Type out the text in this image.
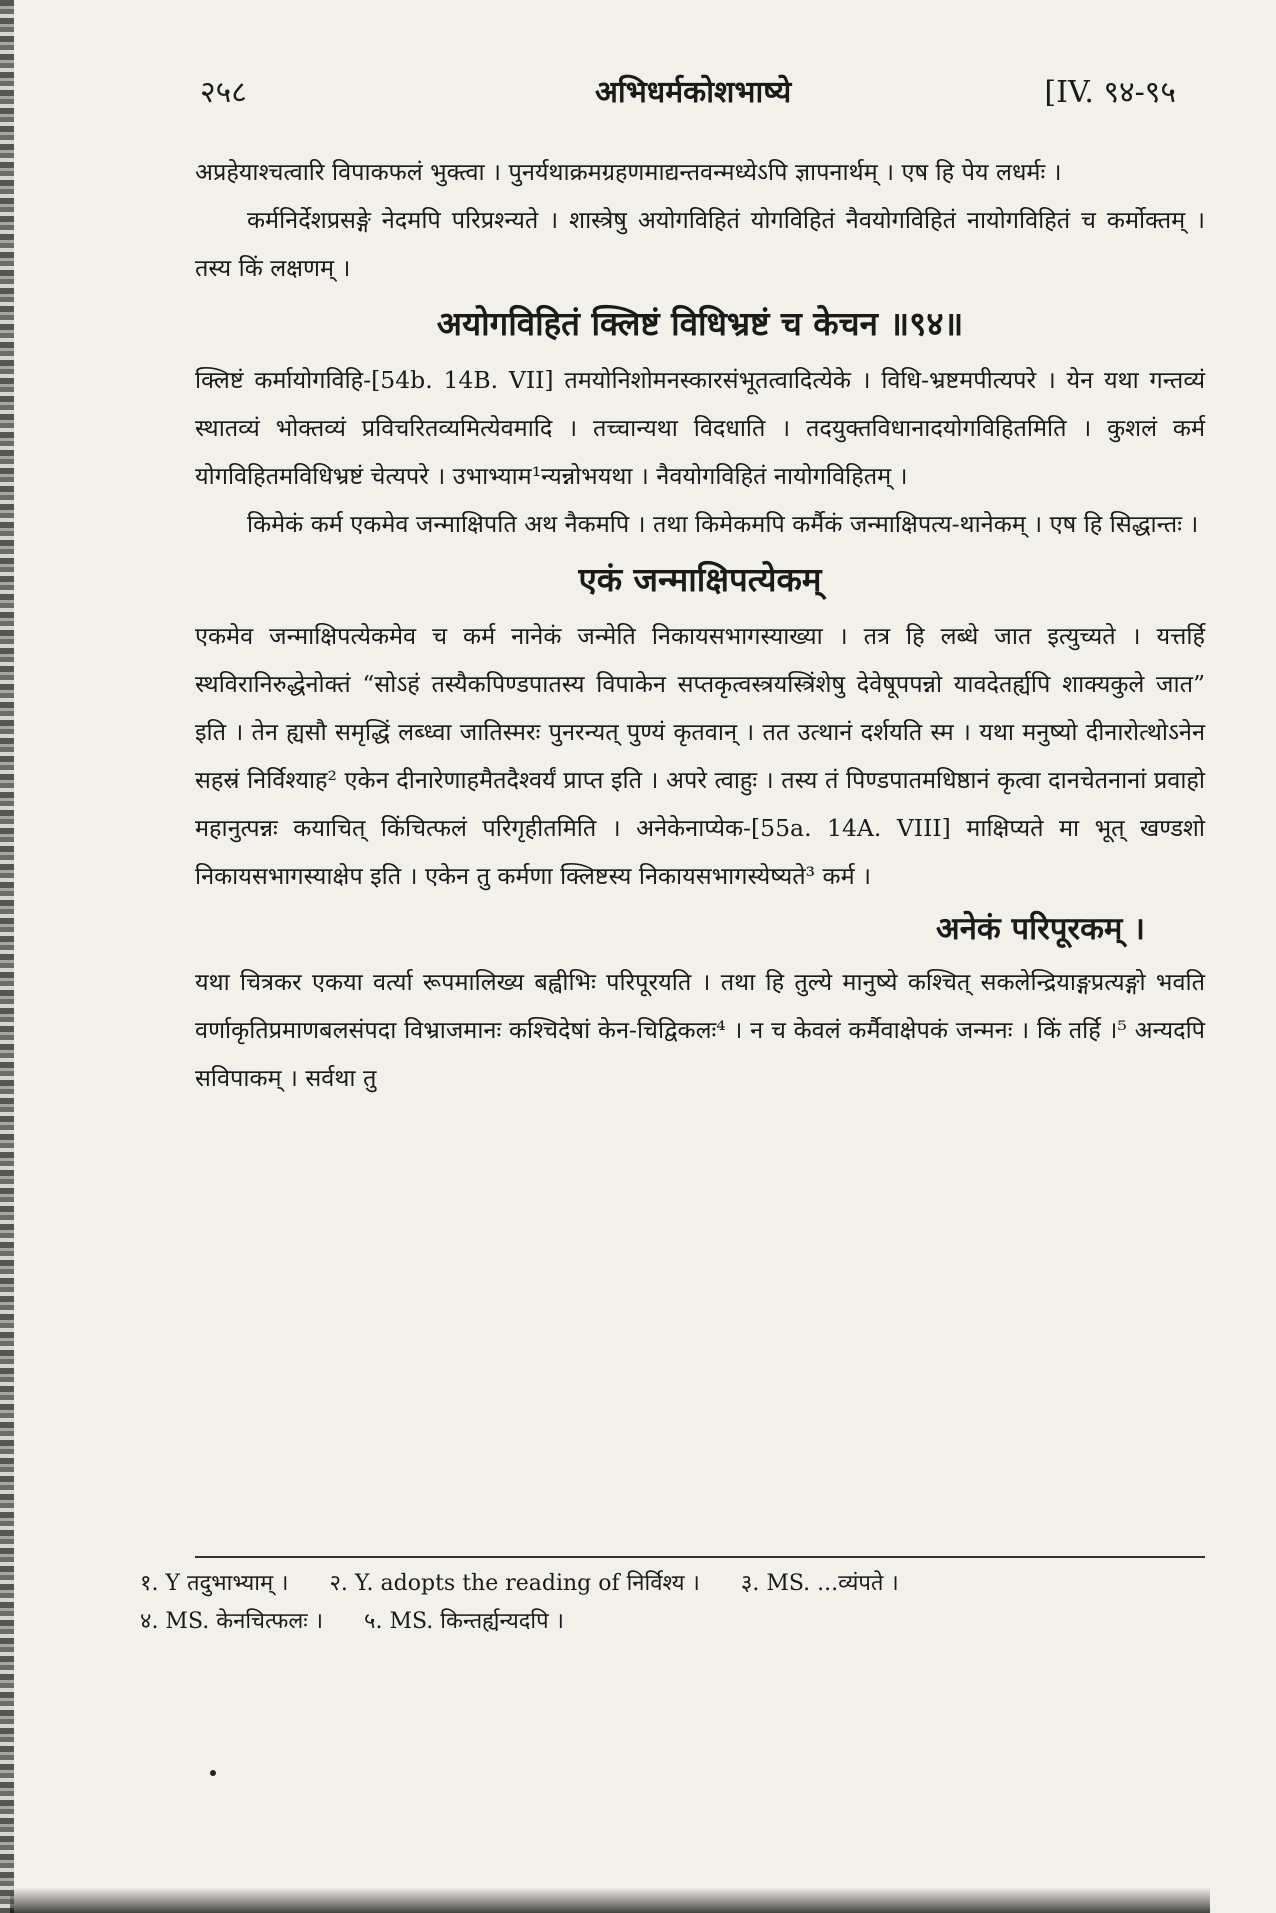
२५८	अभिधर्मकोशभाष्ये	[IV. ९४-९५

अप्रहेयाश्चत्वारि विपाकफलं भुक्त्वा । पुनर्यथाक्रमग्रहणमाद्यन्तवन्मध्येऽपि ज्ञापनार्थम् । एष हि पेय लधर्मः ।

कर्मनिर्देशप्रसङ्गे नेदमपि परिप्रश्न्यते । शास्त्रेषु अयोगविहितं योगविहितं नैवयोगविहितं नायोगविहितं च कर्मोक्तम् । तस्य किं लक्षणम् ।

अयोगविहितं क्लिष्टं विधिभ्रष्टं च केचन ॥९४॥

क्लिष्टं कर्मायोगविहि-[54b. 14B. VII] तमयोनिशोमनस्कारसंभूतत्वादित्येके । विधि-भ्रष्टमपीत्यपरे । येन यथा गन्तव्यं स्थातव्यं भोक्तव्यं प्रविचरितव्यमित्येवमादि । तच्चान्यथा विदधाति । तदयुक्तविधानादयोगविहितमिति । कुशलं कर्म योगविहितमविधिभ्रष्टं चेत्यपरे । उभाभ्याम¹न्यन्नोभयथा । नैवयोगविहितं नायोगविहितम् ।

किमेकं कर्म एकमेव जन्माक्षिपति अथ नैकमपि । तथा किमेकमपि कर्मैकं जन्माक्षिपत्य-थानेकम् । एष हि सिद्धान्तः ।

एकं जन्माक्षिपत्येकम्

एकमेव जन्माक्षिपत्येकमेव च कर्म नानेकं जन्मेति निकायसभागस्याख्या । तत्र हि लब्धे जात इत्युच्यते । यत्तर्हि स्थविरानिरुद्धेनोक्तं “सोऽहं तस्यैकपिण्डपातस्य विपाकेन सप्तकृत्वस्त्रयस्त्रिंशेषु देवेषूपपन्नो यावदेतर्ह्यपि शाक्यकुले जात” इति । तेन ह्यसौ समृद्धिं लब्ध्वा जातिस्मरः पुनरन्यत् पुण्यं कृतवान् । तत उत्थानं दर्शयति स्म । यथा मनुष्यो दीनारोत्थोऽनेन सहस्रं निर्विश्याह² एकेन दीनारेणाहमैतदैश्वर्यं प्राप्त इति । अपरे त्वाहुः । तस्य तं पिण्डपातमधिष्ठानं कृत्वा दानचेतनानां प्रवाहो महानुत्पन्नः कयाचित् किंचित्फलं परिगृहीतमिति । अनेकेनाप्येक-[55a. 14A. VIII] माक्षिप्यते मा भूत् खण्डशो निकायसभागस्याक्षेप इति । एकेन तु कर्मणा क्लिष्टस्य निकायसभागस्येष्यते³ कर्म ।

अनेकं परिपूरकम् ।

यथा चित्रकर एकया वर्त्या रूपमालिख्य बह्वीभिः परिपूरयति । तथा हि तुल्ये मानुष्ये कश्चित् सकलेन्द्रियाङ्गप्रत्यङ्गो भवति वर्णाकृतिप्रमाणबलसंपदा विभ्राजमानः कश्चिदेषां केन-चिद्विकलः⁴ । न च केवलं कर्मैवाक्षेपकं जन्मनः । किं तर्हि ।⁵ अन्यदपि सविपाकम् । सर्वथा तु

१. Y तदुभाभ्याम् । २. Y. adopts the reading of निर्विश्य । ३. MS. ...व्यंपते ।

४. MS. केनचित्फलः । ५. MS. किन्तर्ह्यन्यदपि ।
